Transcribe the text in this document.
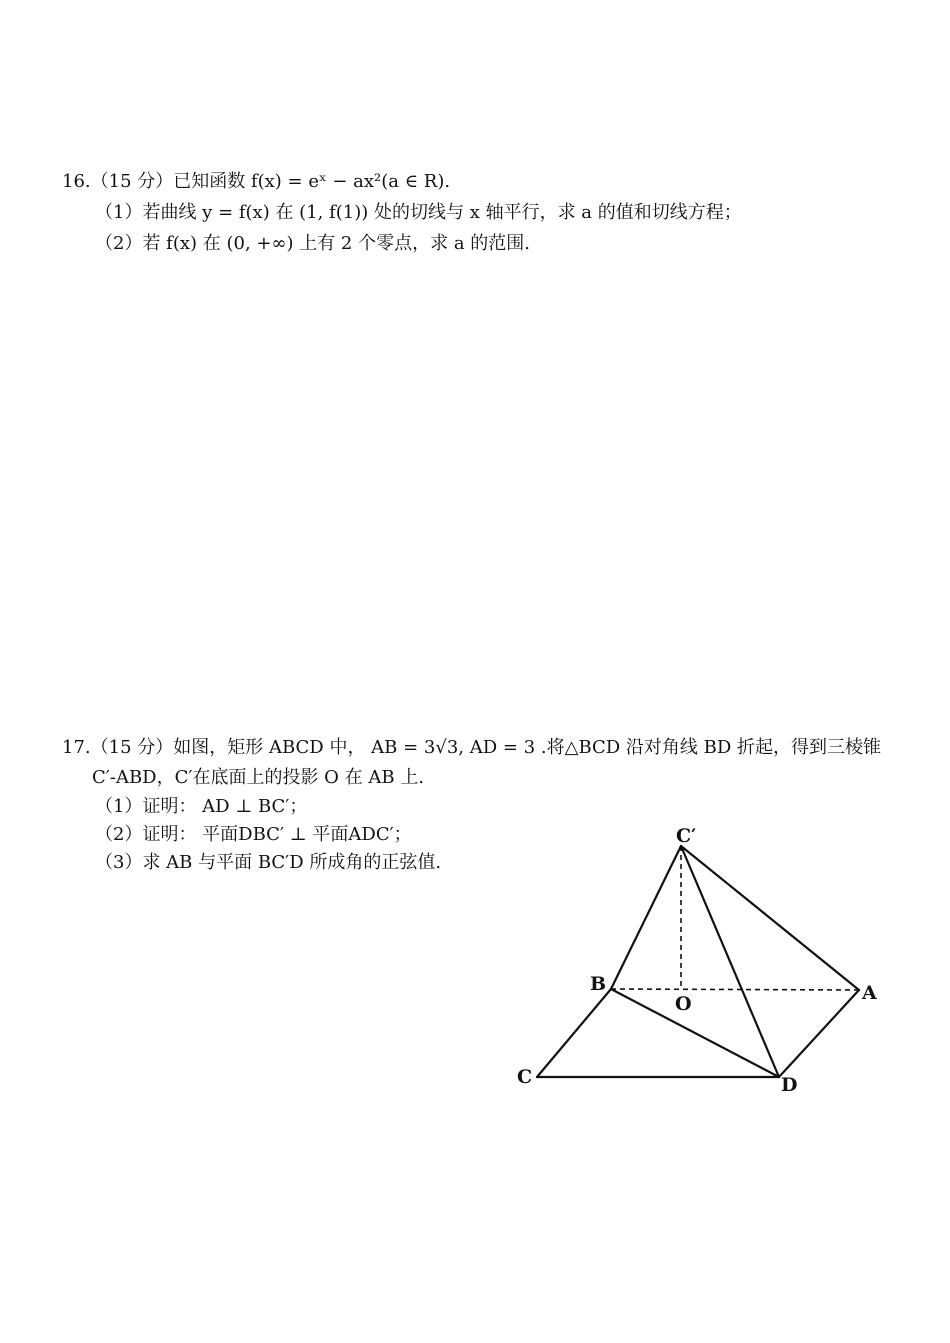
16.（15 分）已知函数 f(x) = eˣ − ax²(a ∈ R).
（1）若曲线 y = f(x) 在 (1, f(1)) 处的切线与 x 轴平行，求 a 的值和切线方程；
（2）若 f(x) 在 (0, +∞) 上有 2 个零点，求 a 的范围.
17.（15 分）如图，矩形 ABCD 中， AB = 3√3, AD = 3 .将△BCD 沿对角线 BD 折起，得到三棱锥
C′-ABD，C′在底面上的投影 O 在 AB 上.
（1）证明： AD ⊥ BC′；
（2）证明： 平面DBC′ ⊥ 平面ADC′；
（3）求 AB 与平面 BC′D 所成角的正弦值.
C′
A
B
O
C	D
